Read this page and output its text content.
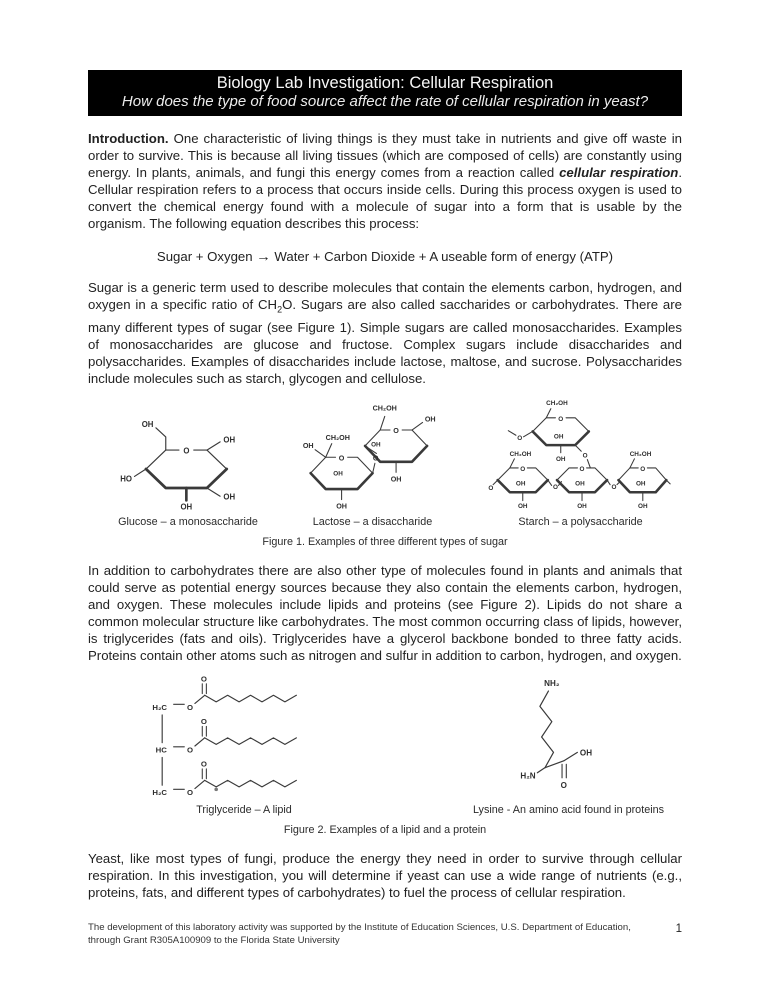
Biology Lab Investigation: Cellular Respiration
How does the type of food source affect the rate of cellular respiration in yeast?

Introduction. One characteristic of living things is they must take in nutrients and give off waste in order to survive. This is because all living tissues (which are composed of cells) are constantly using energy. In plants, animals, and fungi this energy comes from a reaction called cellular respiration. Cellular respiration refers to a process that occurs inside cells. During this process oxygen is used to convert the chemical energy found with a molecule of sugar into a form that is usable by the organism. The following equation describes this process:

Sugar + Oxygen → Water + Carbon Dioxide + A useable form of energy (ATP)

Sugar is a generic term used to describe molecules that contain the elements carbon, hydrogen, and oxygen in a specific ratio of $CH_2O$. Sugars are also called saccharides or carbohydrates. There are many different types of sugar (see Figure 1). Simple sugars are called monosaccharides. Examples of monosaccharides are glucose and fructose. Complex sugars include disaccharides and polysaccharides. Examples of disaccharides include lactose, maltose, and sucrose. Polysaccharides include molecules such as starch, glycogen and cellulose.

O
OH
OH
OH
HO
OH
Glucose – a monosaccharide
O
CH₂OH
OH
OH
OH
O
O
CH₂OH
OH
OH
OH
Lactose – a disaccharide
O
CH₂OH
O	OH
OH
O
O
CH₂OH
O
OH
OH
O
O
OH
OH
O
O
CH₂OH
OH
OH
Starch – a polysaccharide
Figure 1. Examples of three different types of sugar

In addition to carbohydrates there are also other type of molecules found in plants and animals that could serve as potential energy sources because they also contain the elements carbon, hydrogen, and oxygen. These molecules include lipids and proteins (see Figure 2). Lipids do not share a common molecular structure like carbohydrates. The most common occurring class of lipids, however, is triglycerides (fats and oils). Triglycerides have a glycerol backbone bonded to three fatty acids. Proteins contain other atoms such as nitrogen and sulfur in addition to carbon, hydrogen, and oxygen.

H₂C
HC
H₂C
O
O
O
O
O
O
Triglyceride – A lipid
NH₂
H₂N
OH
O
Lysine - An amino acid found in proteins
Figure 2. Examples of a lipid and a protein

Yeast, like most types of fungi, produce the energy they need in order to survive through cellular respiration. In this investigation, you will determine if yeast can use a wide range of nutrients (e.g., proteins, fats, and different types of carbohydrates) to fuel the process of cellular respiration.

The development of this laboratory activity was supported by the Institute of Education Sciences, U.S. Department of Education, through Grant R305A100909 to the Florida State University
1
